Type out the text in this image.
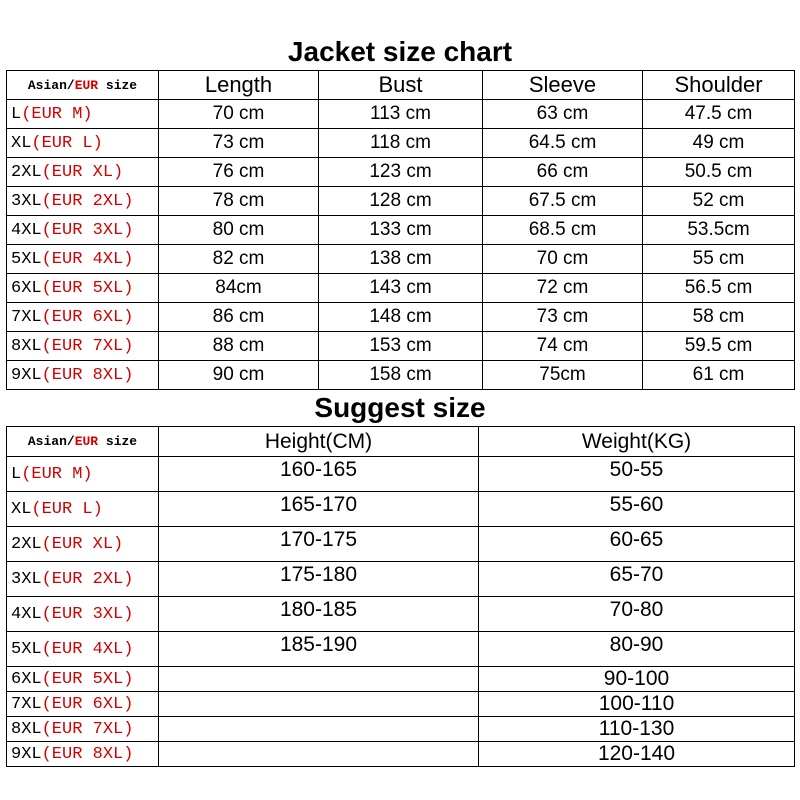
Jacket size chart
Asian/EUR size	Length	Bust	Sleeve	Shoulder
L(EUR M)	70 cm	113 cm	63 cm	47.5 cm
XL(EUR L)	73 cm	118 cm	64.5 cm	49 cm
2XL(EUR XL)	76 cm	123 cm	66 cm	50.5 cm
3XL(EUR 2XL)	78 cm	128 cm	67.5 cm	52 cm
4XL(EUR 3XL)	80 cm	133 cm	68.5 cm	53.5cm
5XL(EUR 4XL)	82 cm	138 cm	70 cm	55 cm
6XL(EUR 5XL)	84cm	143 cm	72 cm	56.5 cm
7XL(EUR 6XL)	86 cm	148 cm	73 cm	58 cm
8XL(EUR 7XL)	88 cm	153 cm	74 cm	59.5 cm
9XL(EUR 8XL)	90 cm	158 cm	75cm	61 cm
Suggest size
Asian/EUR size	Height(CM)	Weight(KG)
L(EUR M)	160-165	50-55
XL(EUR L)	165-170	55-60
2XL(EUR XL)	170-175	60-65
3XL(EUR 2XL)	175-180	65-70
4XL(EUR 3XL)	180-185	70-80
5XL(EUR 4XL)	185-190	80-90
6XL(EUR 5XL)		90-100
7XL(EUR 6XL)		100-110
8XL(EUR 7XL)		110-130
9XL(EUR 8XL)		120-140
